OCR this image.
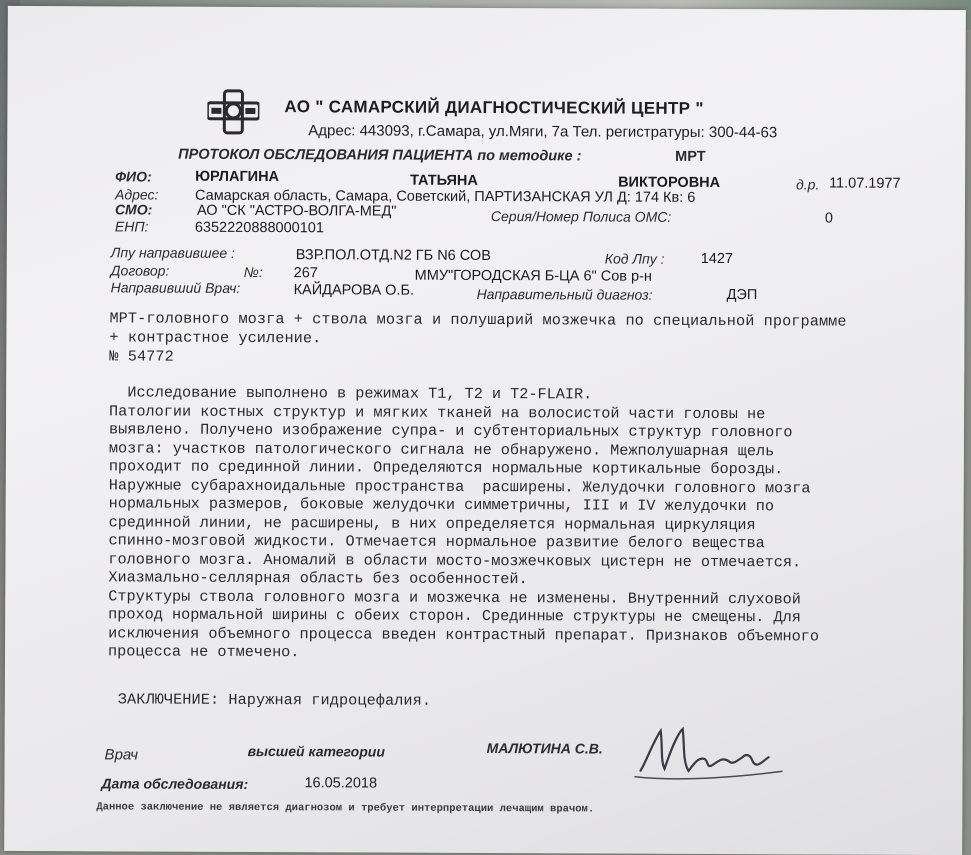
АО " САМАРСКИЙ ДИАГНОСТИЧЕСКИЙ ЦЕНТР "
Адрес: 443093, г.Самара, ул.Мяги, 7а Тел. регистратуры: 300-44-63
ПРОТОКОЛ ОБСЛЕДОВАНИЯ ПАЦИЕНТА по методике :	МРТ
ФИО:	ЮРЛАГИНА	ТАТЬЯНА	ВИКТОРОВНА	д.р. 11.07.1977
Адрес:	Самарская область, Самара, Советский, ПАРТИЗАНСКАЯ УЛ Д: 174 Кв: 6
СМО:	АО "СК "АСТРО-ВОЛГА-МЕД"	Серия/Номер Полиса ОМС:	0
ЕНП:	6352220888000101
Лпу направившее :	ВЗР.ПОЛ.ОТД.N2 ГБ N6 СОВ	Код Лпу : 1427
Договор:	№: 267	ММУ"ГОРОДСКАЯ Б-ЦА 6" Сов р-н
Направивший Врач:	КАЙДАРОВА О.Б.	Направительный диагноз:	ДЭП
МРТ-головного мозга + ствола мозга и полушарий мозжечка по специальной программе
+ контрастное усиление.
№ 54772
Исследование выполнено в режимах T1, T2 и T2-FLAIR.
Патологии костных структур и мягких тканей на волосистой части головы не
выявлено. Получено изображение супра- и субтенториальных структур головного
мозга: участков патологического сигнала не обнаружено. Межполушарная щель
проходит по срединной линии. Определяются нормальные кортикальные борозды.
Наружные субарахноидальные пространства  расширены. Желудочки головного мозга
нормальных размеров, боковые желудочки симметричны, III и IV желудочки по
срединной линии, не расширены, в них определяется нормальная циркуляция
спинно-мозговой жидкости. Отмечается нормальное развитие белого вещества
головного мозга. Аномалий в области мосто-мозжечковых цистерн не отмечается.
Хиазмально-селлярная область без особенностей.
Структуры ствола головного мозга и мозжечка не изменены. Внутренний слуховой
проход нормальной ширины с обеих сторон. Срединные структуры не смещены. Для
исключения объемного процесса введен контрастный препарат. Признаков объемного
процесса не отмечено.
ЗАКЛЮЧЕНИЕ: Наружная гидроцефалия.
Врач	высшей категории	МАЛЮТИНА С.В.
Дата обследования:	16.05.2018
Данное заключение не является диагнозом и требует интерпретации лечащим врачом.
